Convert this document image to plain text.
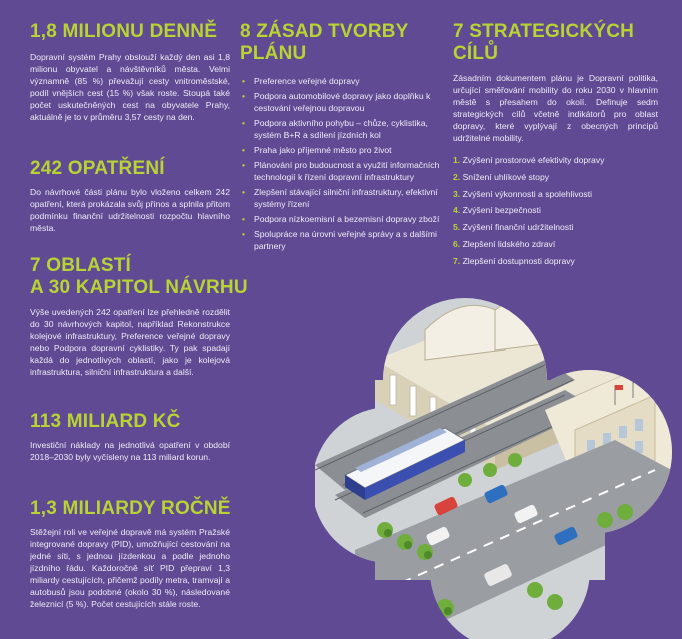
1,8 MILIONU DENNĚ

Dopravní systém Prahy obslouží každý den asi 1,8 milionu obyvatel a návštěvníků města. Velmi významně (85 %) převažují cesty vnitroměstské, podíl vnějších cest (15 %) však roste. Stoupá také počet uskutečněných cest na obyvatele Prahy, aktuálně je to v průměru 3,57 cesty na den.

242 OPATŘENÍ

Do návrhové části plánu bylo vloženo celkem 242 opatření, která prokázala svůj přínos a splnila přitom podmínku finanční udržitelnosti rozpočtu hlavního města.

7 OBLASTÍ
A 30 KAPITOL NÁVRHU

Výše uvedených 242 opatření lze přehledně rozdělit do 30 návrhových kapitol, například Rekonstrukce kolejové infrastruktury, Preference veřejné dopravy nebo Podpora dopravní cyklistiky. Ty pak spadají každá do jednotlivých oblastí, jako je kolejová infrastruktura, silniční infrastruktura a další.

113 MILIARD KČ

Investiční náklady na jednotlivá opatření v období 2018–2030 byly vyčísleny na 113 miliard korun.

1,3 MILIARDY ROČNĚ

Stěžejní roli ve veřejné dopravě má systém Pražské integrované dopravy (PID), umožňující cestování na jedné síti, s jednou jízdenkou a podle jednoho jízdního řádu. Každoročně síť PID přepraví 1,3 miliardy cestujících, přičemž podíly metra, tramvají a autobusů jsou podobné (okolo 30 %), následované železnicí (5 %). Počet cestujících stále roste.

8 ZÁSAD TVORBY
PLÁNU
• Preference veřejné dopravy
• Podpora automobilové dopravy jako doplňku k cestování veřejnou dopravou
• Podpora aktivního pohybu – chůze, cyklistika, systém B+R a sdílení jízdních kol
• Praha jako příjemné město pro život
• Plánování pro budoucnost a využití informačních technologií k řízení dopravní infrastruktury
• Zlepšení stávající silniční infrastruktury, efektivní systémy řízení
• Podpora nízkoemisní a bezemisní dopravy zboží
• Spolupráce na úrovni veřejné správy a s dalšími partnery
7 STRATEGICKÝCH
CÍLŮ

Zásadním dokumentem plánu je Dopravní politika, určující směřování mobility do roku 2030 v hlavním městě s přesahem do okolí. Definuje sedm strategických cílů včetně indikátorů pro oblast dopravy, které vyplývají z obecných principů udržitelné mobility.

1. Zvýšení prostorové efektivity dopravy
2. Snížení uhlíkové stopy
3. Zvýšení výkonnosti a spolehlivosti
4. Zvýšení bezpečnosti
5. Zvýšení finanční udržitelnosti
6. Zlepšení lidského zdraví
7. Zlepšení dostupnosti dopravy
